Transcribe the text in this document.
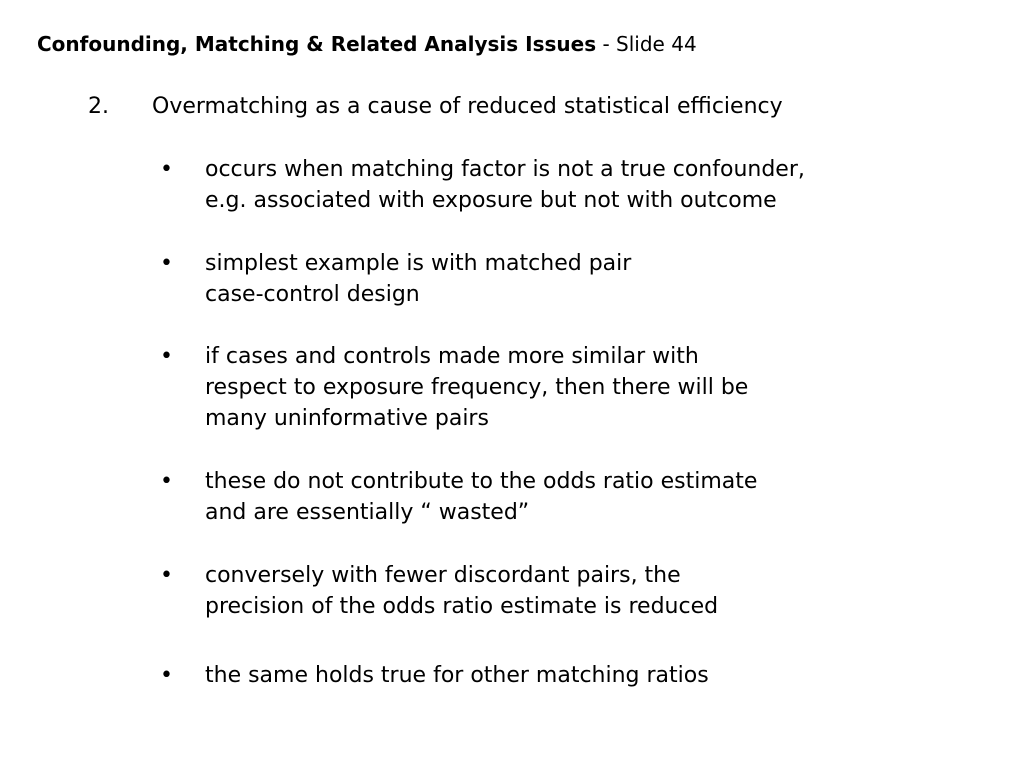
Confounding, Matching & Related Analysis Issues - Slide 44
2. Overmatching as a cause of reduced statistical efficiency
•	occurs when matching factor is not a true confounder,
e.g. associated with exposure but not with outcome
•	simplest example is with matched pair
case-control design
•	if cases and controls made more similar with
respect to exposure frequency, then there will be
many uninformative pairs
•	these do not contribute to the odds ratio estimate
and are essentially “ wasted”
•	conversely with fewer discordant pairs, the
precision of the odds ratio estimate is reduced
•	the same holds true for other matching ratios
